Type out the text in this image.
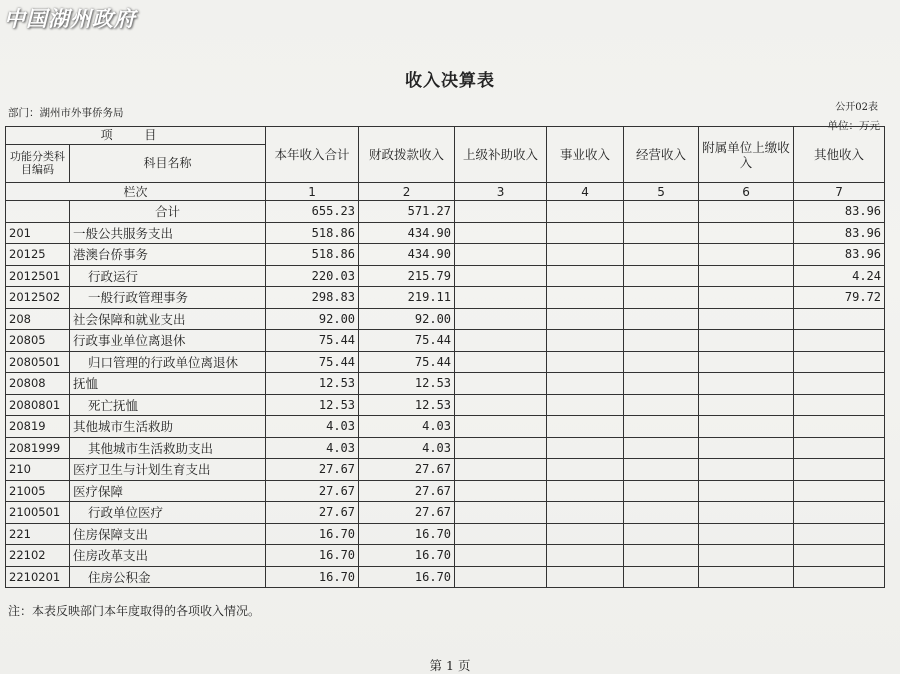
中国湖州政府
收入决算表
公开02表
部门：湖州市外事侨务局
单位：万元
项 目		本年收入合计	财政拨款收入	上级补助收入	事业收入	经营收入	附属单位上缴收入	其他收入
功能分类科目编码	科目名称							
栏次		1	2	3	4	5	6	7
	合计	655.23	571.27					83.96
201	一般公共服务支出	518.86	434.90					83.96
20125	港澳台侨事务	518.86	434.90					83.96
2012501	行政运行	220.03	215.79					4.24
2012502	一般行政管理事务	298.83	219.11					79.72
208	社会保障和就业支出	92.00	92.00					
20805	行政事业单位离退休	75.44	75.44					
2080501	归口管理的行政单位离退休	75.44	75.44					
20808	抚恤	12.53	12.53					
2080801	死亡抚恤	12.53	12.53					
20819	其他城市生活救助	4.03	4.03					
2081999	其他城市生活救助支出	4.03	4.03					
210	医疗卫生与计划生育支出	27.67	27.67					
21005	医疗保障	27.67	27.67					
2100501	行政单位医疗	27.67	27.67					
221	住房保障支出	16.70	16.70					
22102	住房改革支出	16.70	16.70					
2210201	住房公积金	16.70	16.70					
注：本表反映部门本年度取得的各项收入情况。
第 1 页
